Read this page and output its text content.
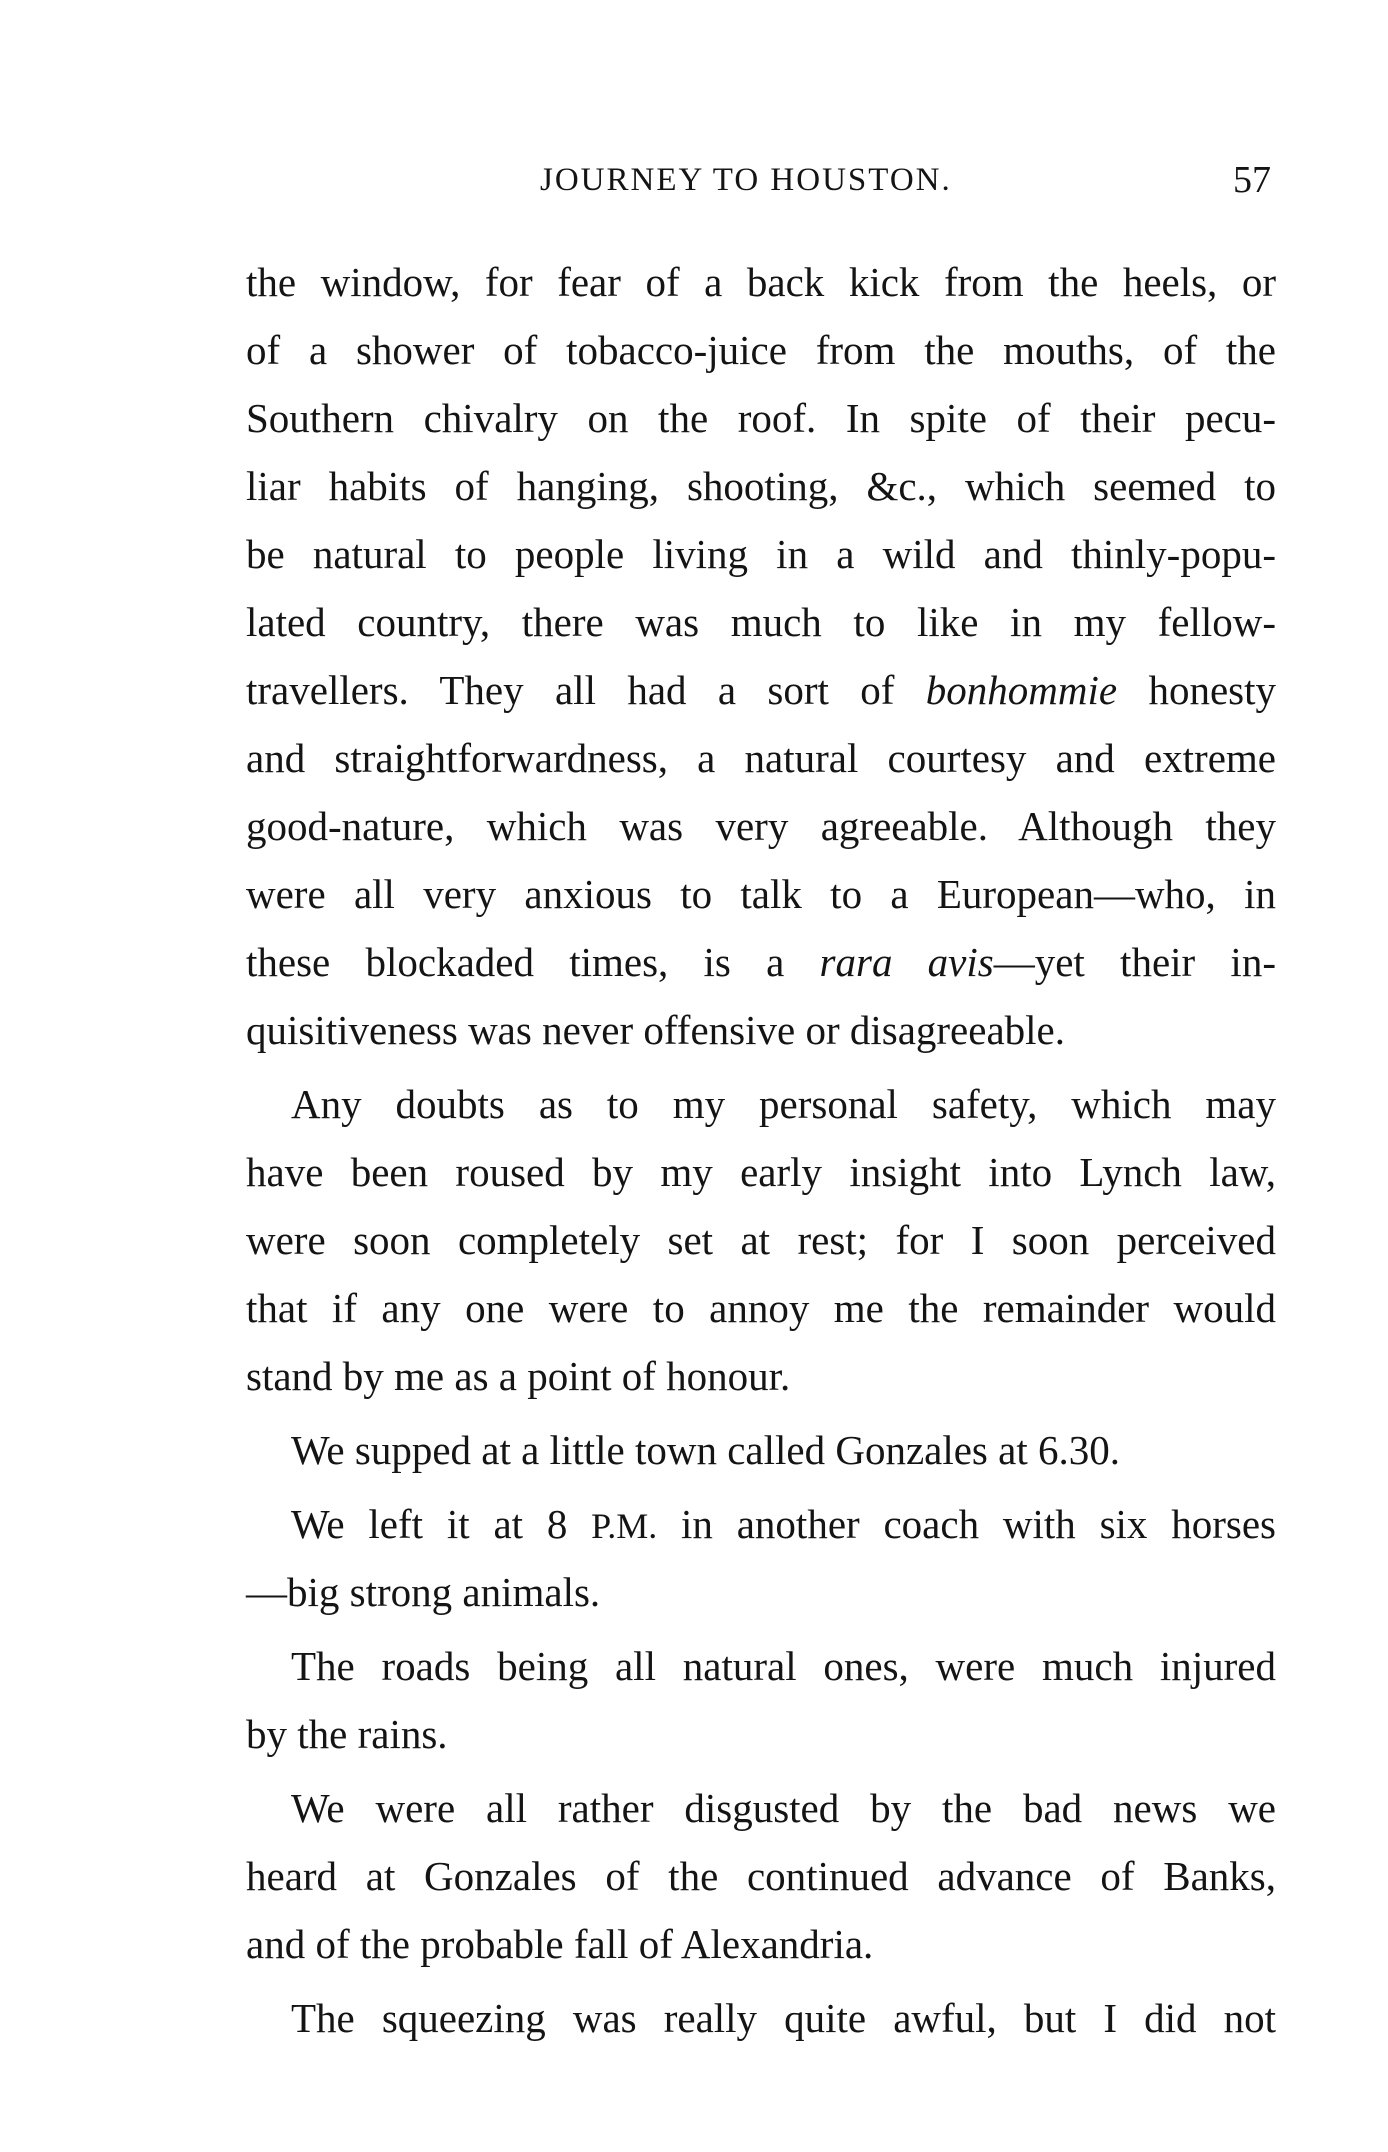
JOURNEY TO HOUSTON.	57
the window, for fear of a back kick from the heels, or
of a shower of tobacco-juice from the mouths, of the
Southern chivalry on the roof. In spite of their pecu-
liar habits of hanging, shooting, &c., which seemed to
be natural to people living in a wild and thinly-popu-
lated country, there was much to like in my fellow-
travellers. They all had a sort of bonhommie honesty
and straightforwardness, a natural courtesy and extreme
good-nature, which was very agreeable. Although they
were all very anxious to talk to a European—who, in
these blockaded times, is a rara avis—yet their in-
quisitiveness was never offensive or disagreeable.
Any doubts as to my personal safety, which may
have been roused by my early insight into Lynch law,
were soon completely set at rest; for I soon perceived
that if any one were to annoy me the remainder would
stand by me as a point of honour.
We supped at a little town called Gonzales at 6.30.
We left it at 8 P.M. in another coach with six horses
—big strong animals.
The roads being all natural ones, were much injured
by the rains.
We were all rather disgusted by the bad news we
heard at Gonzales of the continued advance of Banks,
and of the probable fall of Alexandria.
The squeezing was really quite awful, but I did not
